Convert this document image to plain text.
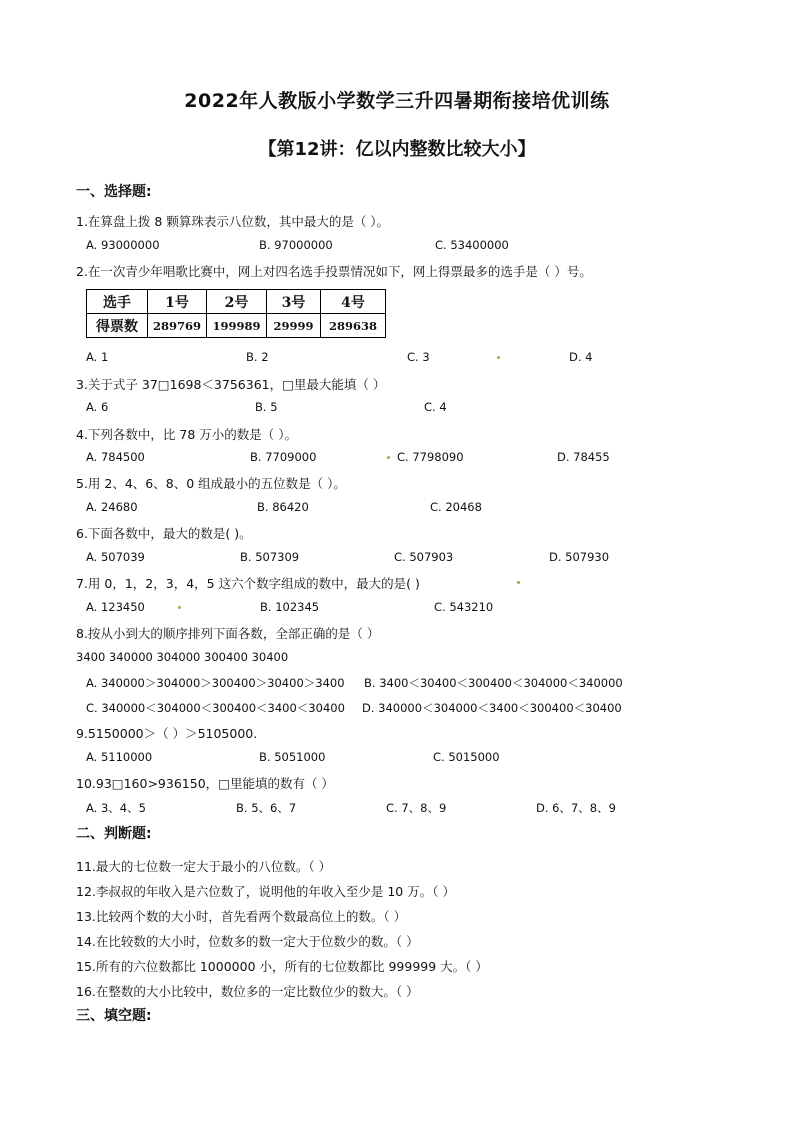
2022年人教版小学数学三升四暑期衔接培优训练
【第12讲：亿以内整数比较大小】
一、选择题:
1.在算盘上拨 8 颗算珠表示八位数，其中最大的是（ ）。
A. 93000000	B. 97000000	C. 53400000
2.在一次青少年唱歌比赛中，网上对四名选手投票情况如下，网上得票最多的选手是（ ）号。
选手	1号	2号	3号	4号
得票数	289769	199989	29999	289638
A. 1	B. 2	C. 3	D. 4
3.关于式子 37□1698＜3756361，□里最大能填（ ）
A. 6	B. 5	C. 4
4.下列各数中，比 78 万小的数是（ ）。
A. 784500	B. 7709000	C. 7798090	D. 78455
5.用 2、4、6、8、0 组成最小的五位数是（ ）。
A. 24680	B. 86420	C. 20468
6.下面各数中，最大的数是( )。
A. 507039	B. 507309	C. 507903	D. 507930
7.用 0，1，2，3，4，5 这六个数字组成的数中，最大的是( )
A. 123450	B. 102345	C. 543210
8.按从小到大的顺序排列下面各数，全部正确的是（ ）
3400 340000 304000 300400 30400
A. 340000＞304000＞300400＞30400＞3400 B. 3400＜30400＜300400＜304000＜340000
C. 340000＜304000＜300400＜3400＜30400 D. 340000＜304000＜3400＜300400＜30400
9.5150000＞（ ）＞5105000.
A. 5110000	B. 5051000	C. 5015000
10.93□160>936150，□里能填的数有（ ）
A. 3、4、5	B. 5、6、7	C. 7、8、9	D. 6、7、8、9
二、判断题:
11.最大的七位数一定大于最小的八位数。（ ）
12.李叔叔的年收入是六位数了，说明他的年收入至少是 10 万。（ ）
13.比较两个数的大小时，首先看两个数最高位上的数。（ ）
14.在比较数的大小时，位数多的数一定大于位数少的数。（ ）
15.所有的六位数都比 1000000 小，所有的七位数都比 999999 大。（ ）
16.在整数的大小比较中，数位多的一定比数位少的数大。（ ）
三、填空题:
